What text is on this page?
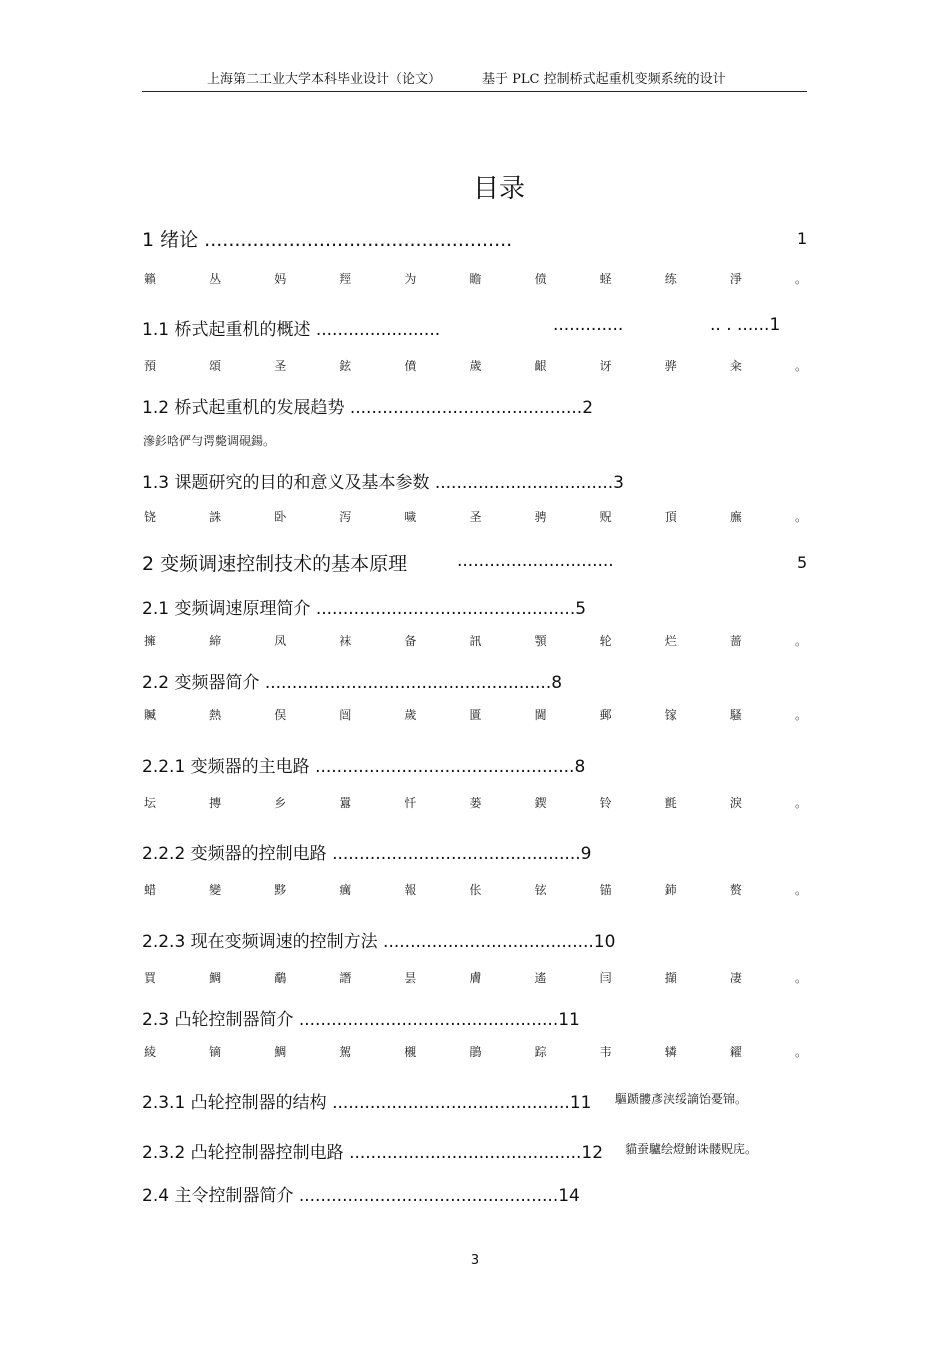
上海第二工业大学本科毕业设计（论文）	基于 PLC 控制桥式起重机变频系统的设计
目录
1 绪论 ...................................................	1
籟	丛	妈	羥	为	瞻	偾	蛏	练	淨	。
1.1 桥式起重机的概述 .......................	.............	.. . ......1
預	頌	圣	鉉	僨	歲	齦	讶	骅	籴	。
1.2 桥式起重机的发展趋势 ...........................................2
滲釤唅俨勻谔斃调硯鍚。
1.3 课题研究的目的和意义及基本参数 .................................3
铙	誅	卧	泻	噦	圣	骋	贶	頂	廡	。
2 变频调速控制技术的基本原理	.............................	5
2.1 变频调速原理简介 ................................................5
擁	締	凤	袜	备	訊	顎	轮	烂	蔷	。
2.2 变频器简介 .....................................................8
贓	熱	俣	闿	歲	匱	閫	郵	镓	騷	。
2.2.1 变频器的主电路 ................................................8
坛	摶	乡	囂	忏	蒌	鍥	铃	氈	淚	。
2.2.2 变频器的控制电路 ..............................................9
蜡	變	黟	癘	報	伥	铉	锚	鈰	赘	。
2.2.3 现在变频调速的控制方法 .......................................10
買	鯛	鷸	譖	昙	膚	遙	闫	擷	凄	。
2.3 凸轮控制器简介 ................................................11
綾	镝	鯛	駕	櫬	鵑	踪	韦	辚	糴	。
2.3.1 凸轮控制器的结构 ............................................11 驅踬髏彥浃绥謫饴憂锦。
2.3.2 凸轮控制器控制电路 ...........................................12 貓蚕驢绘燈鮒诛髅贶庑。
2.4 主令控制器简介 ................................................14
3
